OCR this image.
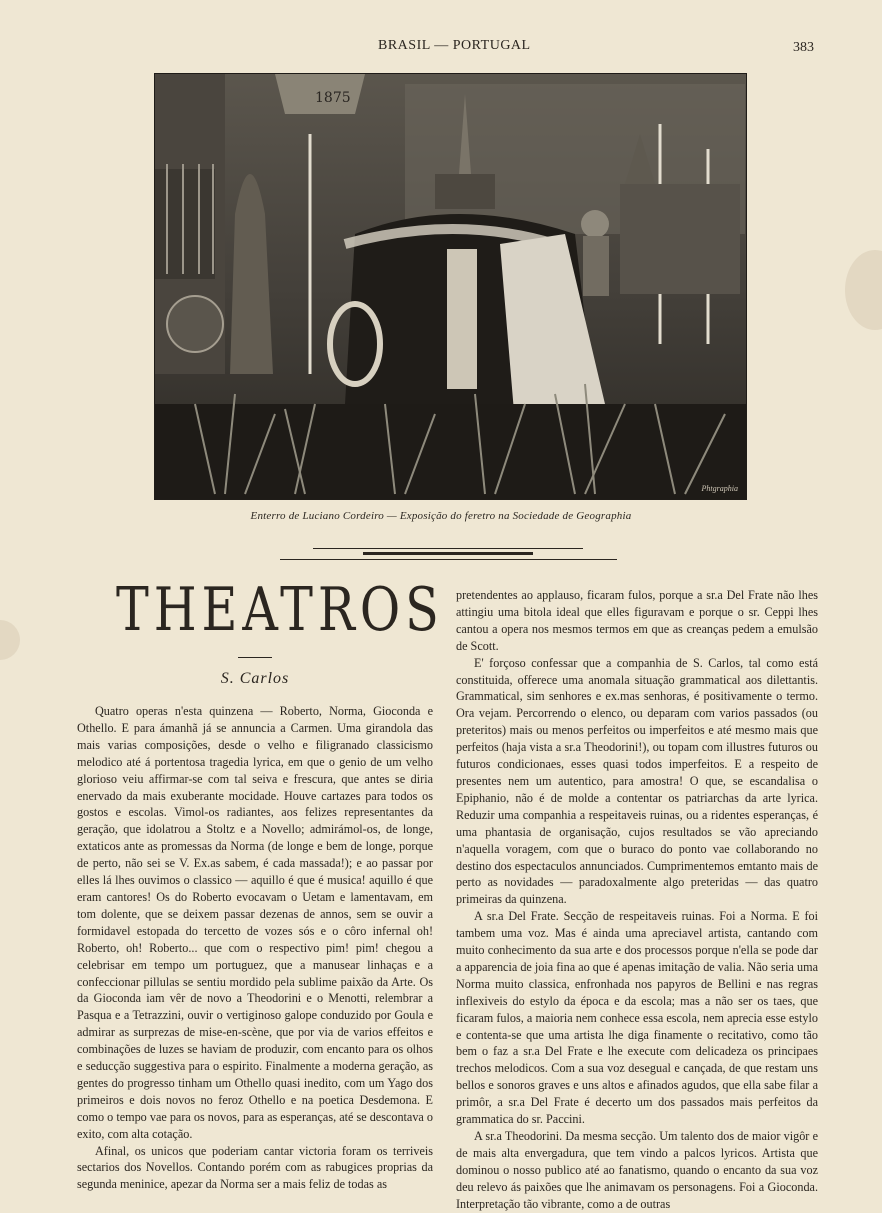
BRASIL — PORTUGAL	383
1875
Phtgraphia
Enterro de Luciano Cordeiro — Exposição do feretro na Sociedade de Geographia
THEATROS
S. Carlos

Quatro operas n'esta quinzena — Roberto, Norma, Gioconda e Othello. E para ámanhã já se annuncia a Carmen. Uma girandola das mais varias composições, desde o velho e filigranado classicismo melodico até á portentosa tragedia lyrica, em que o genio de um velho glorioso veiu affirmar-se com tal seiva e frescura, que antes se diria enervado da mais exuberante mocidade. Houve cartazes para todos os gostos e escolas. Vimol-os radiantes, aos felizes representantes da geração, que idolatrou a Stoltz e a Novello; admirámol-os, de longe, extaticos ante as promessas da Norma (de longe e bem de longe, porque de perto, não sei se V. Ex.as sabem, é cada massada!); e ao passar por elles lá lhes ouvimos o classico — aquillo é que é musica! aquillo é que eram cantores! Os do Roberto evocavam o Uetam e lamentavam, em tom dolente, que se deixem passar dezenas de annos, sem se ouvir a formidavel estopada do tercetto de vozes sós e o côro infernal oh! Roberto, oh! Roberto... que com o respectivo pim! pim! chegou a celebrisar em tempo um portuguez, que a manusear linhaças e a confeccionar pillulas se sentiu mordido pela sublime paixão da Arte. Os da Gioconda iam vêr de novo a Theodorini e o Menotti, relembrar a Pasqua e a Tetrazzini, ouvir o vertiginoso galope conduzido por Goula e admirar as surprezas de mise-en-scène, que por via de varios effeitos e combinações de luzes se haviam de produzir, com encanto para os olhos e seducção suggestiva para o espirito. Finalmente a moderna geração, as gentes do progresso tinham um Othello quasi inedito, com um Yago dos primeiros e dois novos no feroz Othello e na poetica Desdemona. E como o tempo vae para os novos, para as esperanças, até se descontava o exito, com alta cotação.

Afinal, os unicos que poderiam cantar victoria foram os terriveis sectarios dos Novellos. Contando porém com as rabugices proprias da segunda meninice, apezar da Norma ser a mais feliz de todas as

pretendentes ao applauso, ficaram fulos, porque a sr.a Del Frate não lhes attingiu uma bitola ideal que elles figuravam e porque o sr. Ceppi lhes cantou a opera nos mesmos termos em que as creanças pedem a emulsão de Scott.

E' forçoso confessar que a companhia de S. Carlos, tal como está constituida, offerece uma anomala situação grammatical aos dilettantis. Grammatical, sim senhores e ex.mas senhoras, é positivamente o termo. Ora vejam. Percorrendo o elenco, ou deparam com varios passados (ou preteritos) mais ou menos perfeitos ou imperfeitos e até mesmo mais que perfeitos (haja vista a sr.a Theodorini!), ou topam com illustres futuros ou futuros condicionaes, esses quasi todos imperfeitos. E a respeito de presentes nem um autentico, para amostra! O que, se escandalisa o Epiphanio, não é de molde a contentar os patriarchas da arte lyrica. Reduzir uma companhia a respeitaveis ruinas, ou a ridentes esperanças, é uma phantasia de organisação, cujos resultados se vão apreciando n'aquella voragem, com que o buraco do ponto vae collaborando no destino dos espectaculos annunciados. Cumprimentemos emtanto mais de perto as novidades — paradoxalmente algo preteridas — das quatro primeiras da quinzena.

A sr.a Del Frate. Secção de respeitaveis ruinas. Foi a Norma. E foi tambem uma voz. Mas é ainda uma apreciavel artista, cantando com muito conhecimento da sua arte e dos processos porque n'ella se pode dar a apparencia de joia fina ao que é apenas imitação de valia. Não seria uma Norma muito classica, enfronhada nos papyros de Bellini e nas regras inflexiveis do estylo da época e da escola; mas a não ser os taes, que ficaram fulos, a maioria nem conhece essa escola, nem aprecia esse estylo e contenta-se que uma artista lhe diga finamente o recitativo, como tão bem o faz a sr.a Del Frate e lhe execute com delicadeza os principaes trechos melodicos. Com a sua voz desegual e cançada, de que restam uns bellos e sonoros graves e uns altos e afinados agudos, que ella sabe filar a primôr, a sr.a Del Frate é decerto um dos passados mais perfeitos da grammatica do sr. Paccini.

A sr.a Theodorini. Da mesma secção. Um talento dos de maior vigôr e de mais alta envergadura, que tem vindo a palcos lyricos. Artista que dominou o nosso publico até ao fanatismo, quando o encanto da sua voz deu relevo ás paixões que lhe animavam os personagens. Foi a Gioconda. Interpretação tão vibrante, como a de outras
